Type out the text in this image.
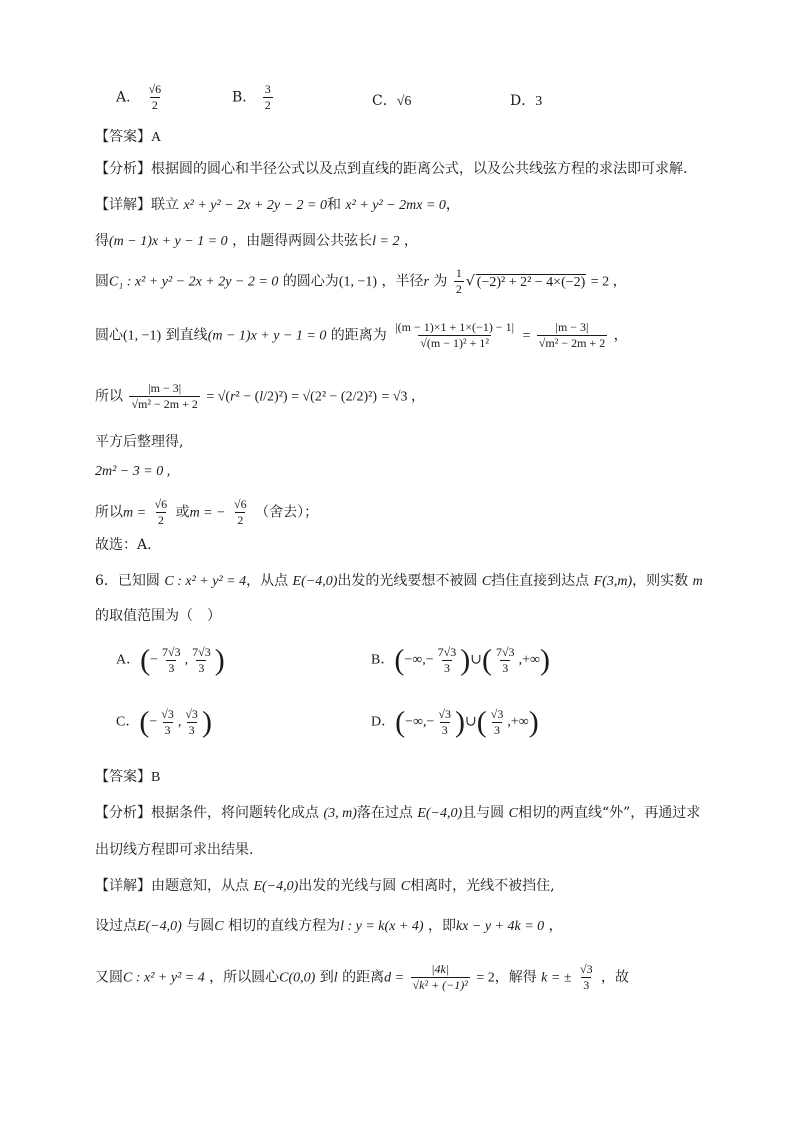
A． $\frac{√6}{2}$	B． $\frac{3}{2}$	C．√6	D．3
【答案】A
【分析】根据圆的圆心和半径公式以及点到直线的距离公式，以及公共线弦方程的求法即可求解.
【详解】联立 x² + y² − 2x + 2y − 2 = 0和 x² + y² − 2mx = 0，
得(m − 1)x + y − 1 = 0 ，由题得两圆公共弦长l = 2 ，
圆C₁ : x² + y² − 2x + 2y − 2 = 0 的圆心为(1, −1) ，半径r 为 $\frac{1}{2}$ √ (−2)² + 2² − 4×(−2) = 2 ，
圆心(1, −1) 到直线(m − 1)x + y − 1 = 0 的距离为 $\frac{|(m - 1)\times 1 + 1\times(-1) - 1|}{\text{√(m − 1)² + 1²}} = \frac{|m - 3|}{\text{√m² − 2m + 2}}$ ，
所以 $\frac{|m - 3|}{\text{√m² − 2m + 2}} = √(r^2 - (l/2)^2) = √(2^2 - (2/2)^2) = √3$ ，
平方后整理得,
2m² − 3 = 0 ,
所以$m = \frac{√6}{2}$ 或m = − $\frac{√6}{2}$ （舍去）；
故选：A.
6．已知圆 C : x² + y² = 4，从点 E(−4,0)出发的光线要想不被圆 C挡住直接到达点 F(3,m)，则实数 m
的取值范围为（　）
A．(− $\frac{7√3}{3}$ , $\frac{7√3}{3}$ )	B．(−∞,− $\frac{7√3}{3}$ )∪( $\frac{7√3}{3}$ ,+∞)
C．(− $\frac{√3}{3}$ , $\frac{√3}{3}$ )	D．(−∞,− $\frac{√3}{3}$ )∪( $\frac{√3}{3}$ ,+∞)
【答案】B
【分析】根据条件，将问题转化成点 (3, m)落在过点 E(−4,0)且与圆 C相切的两直线“外”，再通过求
出切线方程即可求出结果.
【详解】由题意知，从点 E(−4,0)出发的光线与圆 C相离时，光线不被挡住,
设过点E(−4,0) 与圆C 相切的直线方程为l : y = k(x + 4) ，即kx − y + 4k = 0 ，
又圆C : x² + y² = 4 ，所以圆心C(0,0) 到l 的距离$d = \frac{|4k|}{\text{√k² + (−1)²}} = 2$，解得 k = ± $\frac{√3}{3}$ ，故
